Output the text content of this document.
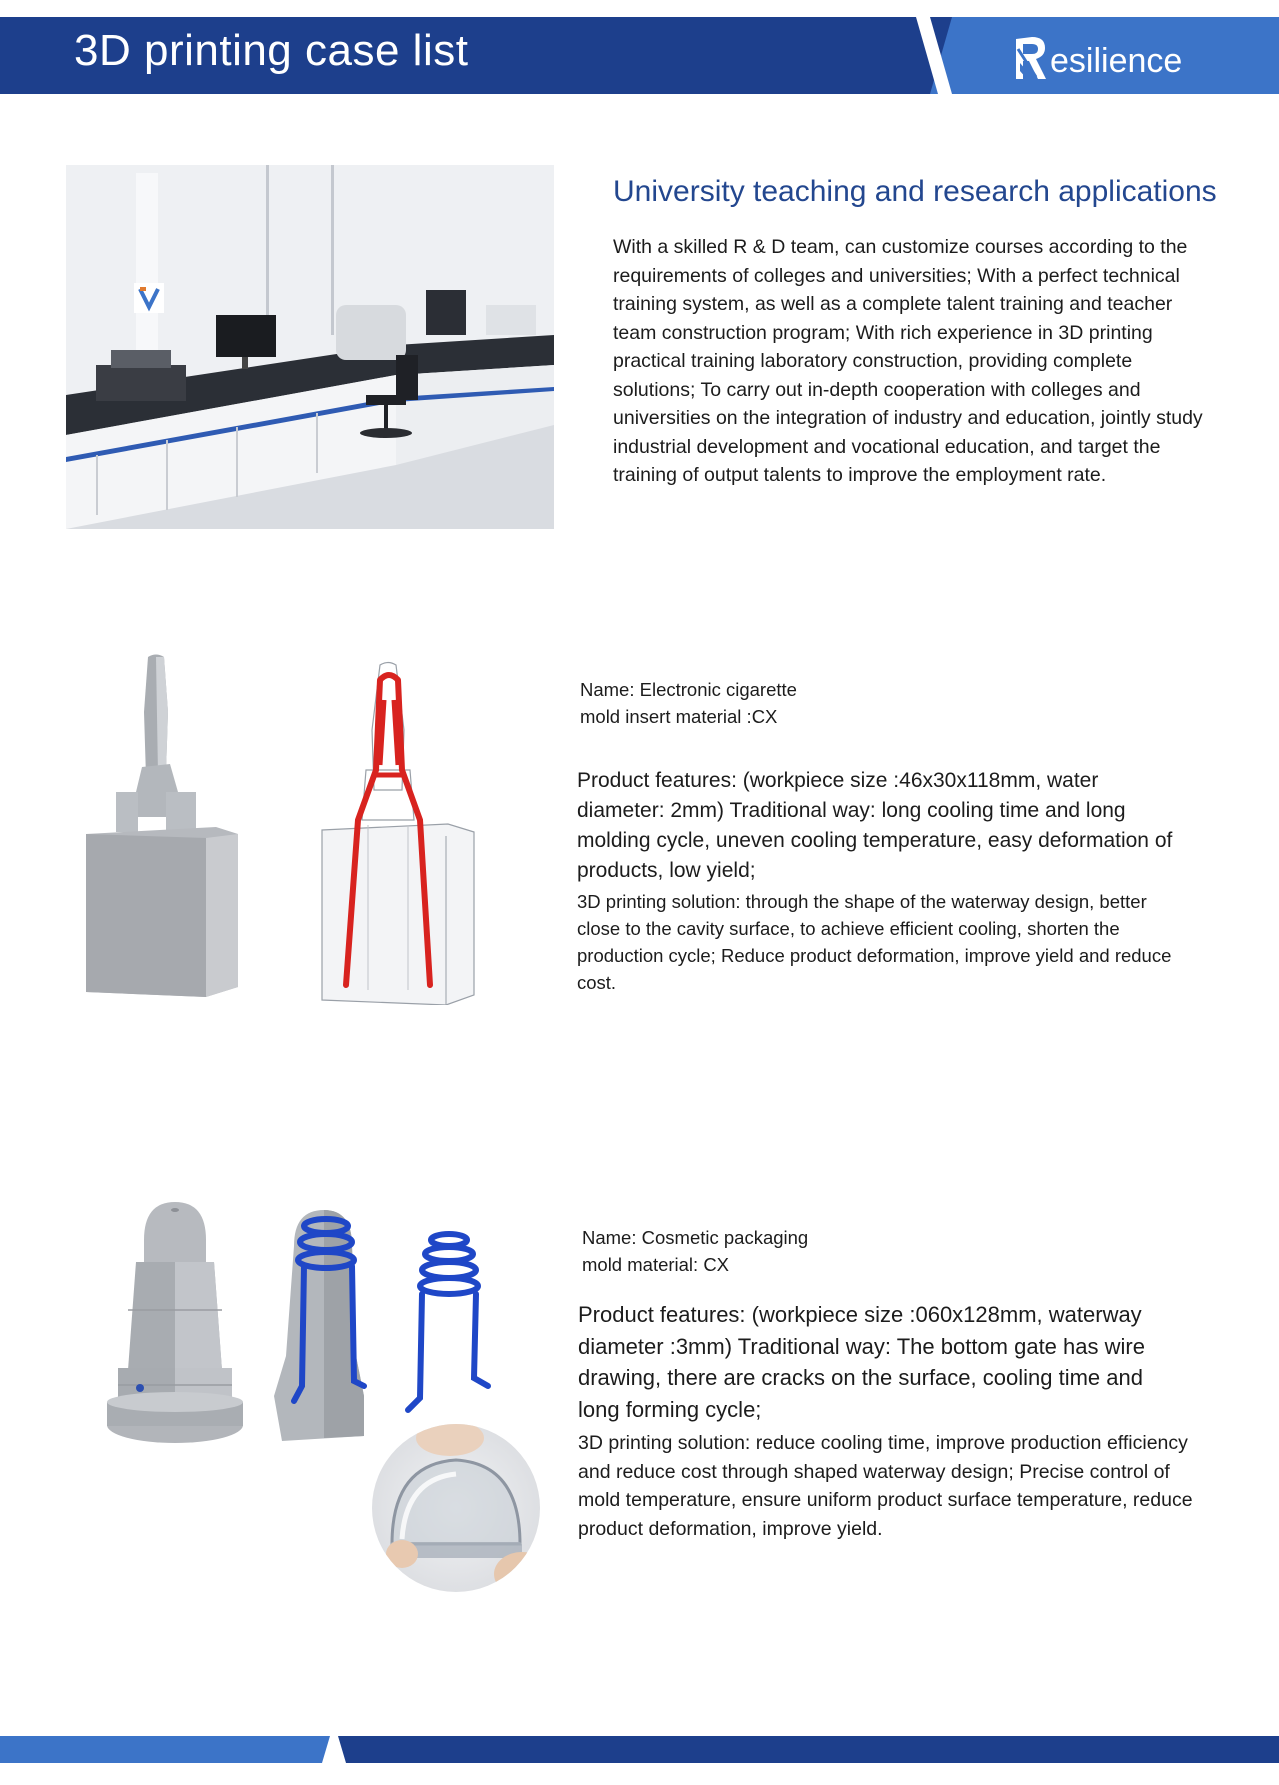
3D printing case list	esilience
University teaching and research applications

With a skilled R & D team, can customize courses according to the requirements of colleges and universities; With a perfect technical training system, as well as a complete talent training and teacher team construction program; With rich experience in 3D printing practical training laboratory construction, providing complete solutions; To carry out in-depth cooperation with colleges and universities on the integration of industry and education, jointly study industrial development and vocational education, and target the training of output talents to improve the employment rate.

Name: Electronic cigarette
mold insert material :CX

Product features: (workpiece size :46x30x118mm, water diameter: 2mm) Traditional way: long cooling time and long molding cycle, uneven cooling temperature, easy deformation of products, low yield;

3D printing solution: through the shape of the waterway design, better close to the cavity surface, to achieve efficient cooling, shorten the production cycle; Reduce product deformation, improve yield and reduce cost.

Name: Cosmetic packaging
mold material: CX

Product features: (workpiece size :060x128mm, waterway diameter :3mm) Traditional way: The bottom gate has wire drawing, there are cracks on the surface, cooling time and long forming cycle;

3D printing solution: reduce cooling time, improve production efficiency and reduce cost through shaped waterway design; Precise control of mold temperature, ensure uniform product surface temperature, reduce product deformation, improve yield.
